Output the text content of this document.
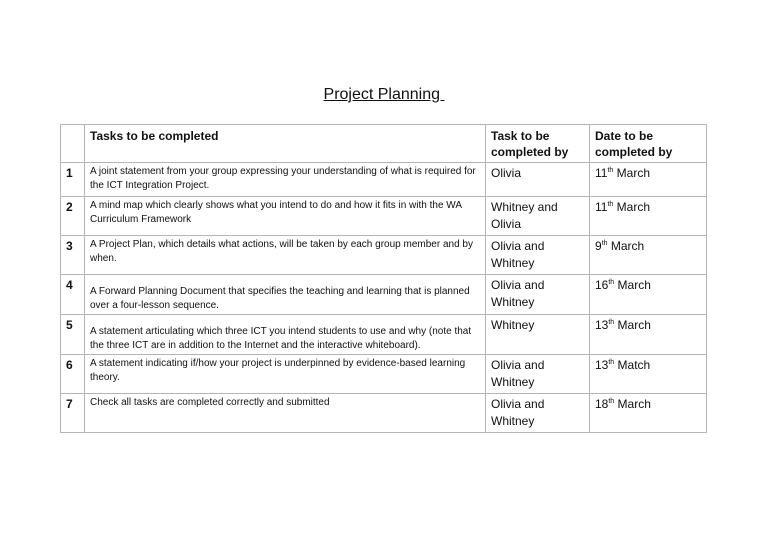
Project Planning
	Tasks to be completed	Task to be completed by	Date to be completed by
1	A joint statement from your group expressing your understanding of what is required for the ICT Integration Project.	Olivia	11th March
2	A mind map which clearly shows what you intend to do and how it fits in with the WA Curriculum Framework	Whitney and Olivia	11th March
3	A Project Plan, which details what actions, will be taken by each group member and by when.	Olivia and Whitney	9th March
4	A Forward Planning Document that specifies the teaching and learning that is planned over a four-lesson sequence.	Olivia and Whitney	16th March
5	A statement articulating which three ICT you intend students to use and why (note that the three ICT are in addition to the Internet and the interactive whiteboard).	Whitney	13th March
6	A statement indicating if/how your project is underpinned by evidence-based learning theory.	Olivia and Whitney	13th Match
7	Check all tasks are completed correctly and submitted	Olivia and Whitney	18th March
